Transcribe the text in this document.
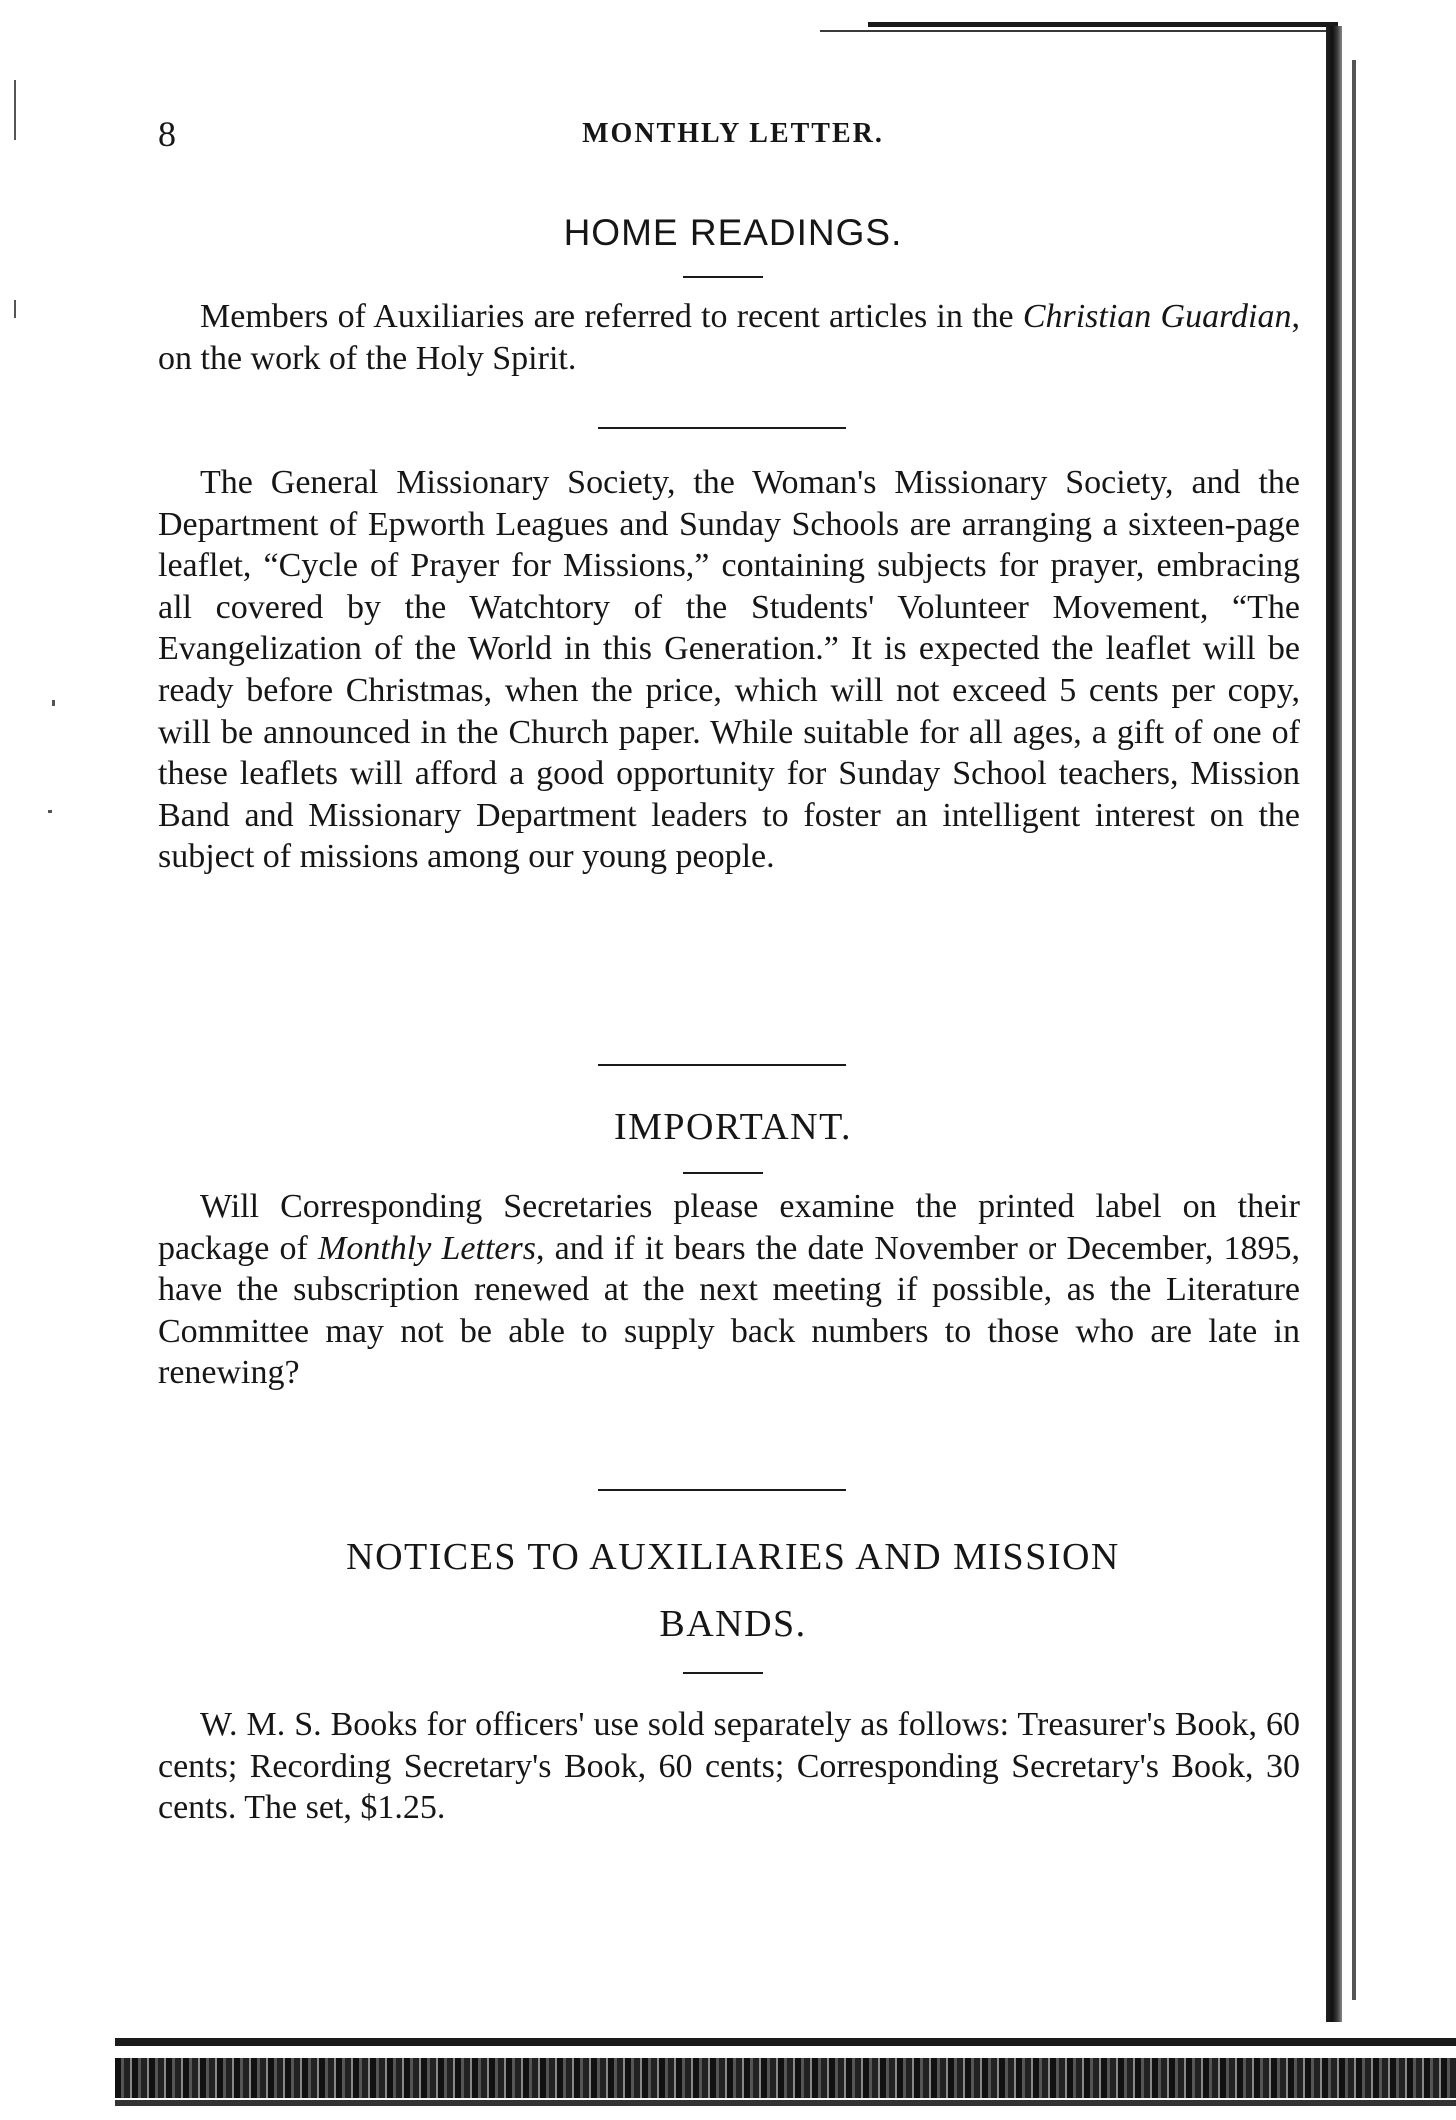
8	MONTHLY LETTER.
HOME READINGS.
Members of Auxiliaries are referred to recent articles in the Christian Guardian, on the work of the Holy Spirit.
The General Missionary Society, the Woman's Missionary Society, and the Department of Epworth Leagues and Sunday Schools are arranging a sixteen-page leaflet, “Cycle of Prayer for Missions,” containing subjects for prayer, embracing all covered by the Watchtory of the Students' Volunteer Movement, “The Evangelization of the World in this Generation.” It is expected the leaflet will be ready before Christmas, when the price, which will not exceed 5 cents per copy, will be announced in the Church paper. While suitable for all ages, a gift of one of these leaflets will afford a good opportunity for Sunday School teachers, Mission Band and Missionary Department leaders to foster an intelligent interest on the subject of missions among our young people.
IMPORTANT.
Will Corresponding Secretaries please examine the printed label on their package of Monthly Letters, and if it bears the date November or December, 1895, have the subscription renewed at the next meeting if possible, as the Literature Committee may not be able to supply back numbers to those who are late in renewing?
NOTICES TO AUXILIARIES AND MISSION
BANDS.
W. M. S. Books for officers' use sold separately as follows: Treasurer's Book, 60 cents; Recording Secretary's Book, 60 cents; Corresponding Secretary's Book, 30 cents. The set, $1.25.
